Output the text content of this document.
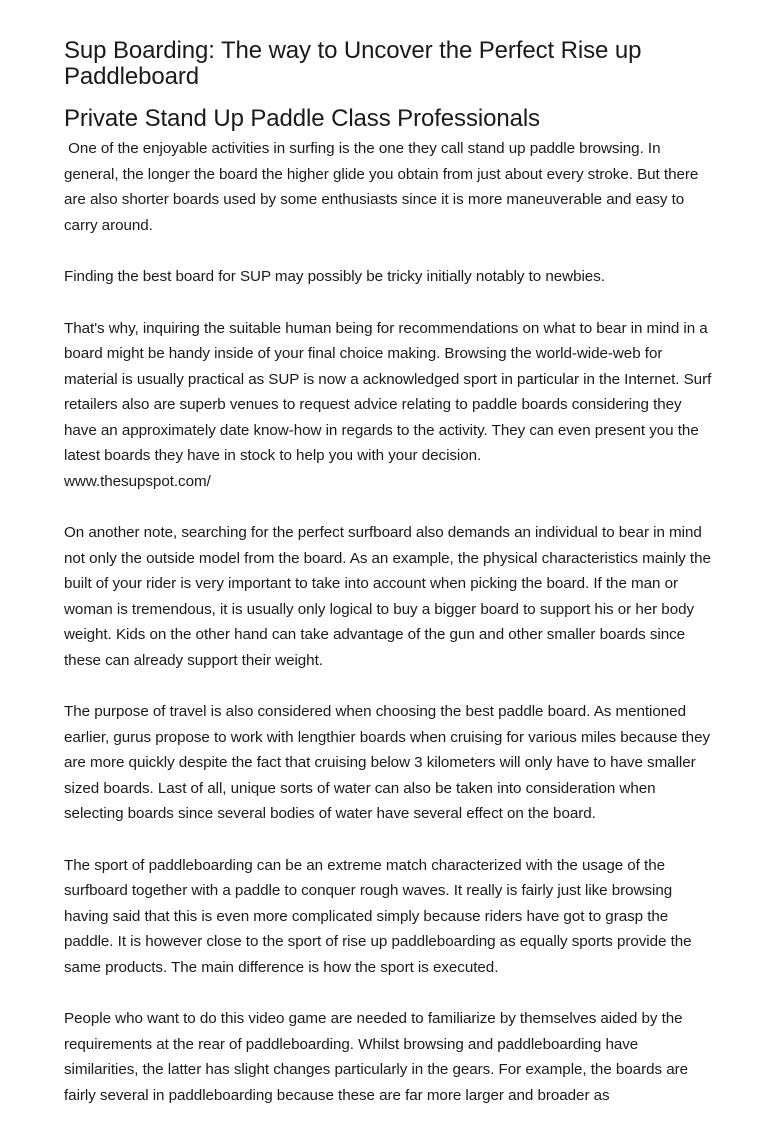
Sup Boarding: The way to Uncover the Perfect Rise up Paddleboard
Private Stand Up Paddle Class Professionals

One of the enjoyable activities in surfing is the one they call stand up paddle browsing. In general, the longer the board the higher glide you obtain from just about every stroke. But there are also shorter boards used by some enthusiasts since it is more maneuverable and easy to carry around.

Finding the best board for SUP may possibly be tricky initially notably to newbies.

That's why, inquiring the suitable human being for recommendations on what to bear in mind in a board might be handy inside of your final choice making. Browsing the world-wide-web for material is usually practical as SUP is now a acknowledged sport in particular in the Internet. Surf retailers also are superb venues to request advice relating to paddle boards considering they have an approximately date know-how in regards to the activity. They can even present you the latest boards they have in stock to help you with your decision.

www.thesupspot.com/

On another note, searching for the perfect surfboard also demands an individual to bear in mind not only the outside model from the board. As an example, the physical characteristics mainly the built of your rider is very important to take into account when picking the board. If the man or woman is tremendous, it is usually only logical to buy a bigger board to support his or her body weight. Kids on the other hand can take advantage of the gun and other smaller boards since these can already support their weight.

The purpose of travel is also considered when choosing the best paddle board. As mentioned earlier, gurus propose to work with lengthier boards when cruising for various miles because they are more quickly despite the fact that cruising below 3 kilometers will only have to have smaller sized boards. Last of all, unique sorts of water can also be taken into consideration when selecting boards since several bodies of water have several effect on the board.

The sport of paddleboarding can be an extreme match characterized with the usage of the surfboard together with a paddle to conquer rough waves. It really is fairly just like browsing having said that this is even more complicated simply because riders have got to grasp the paddle. It is however close to the sport of rise up paddleboarding as equally sports provide the same products. The main difference is how the sport is executed.

People who want to do this video game are needed to familiarize by themselves aided by the requirements at the rear of paddleboarding. Whilst browsing and paddleboarding have similarities, the latter has slight changes particularly in the gears. For example, the boards are fairly several in paddleboarding because these are far more larger and broader as
